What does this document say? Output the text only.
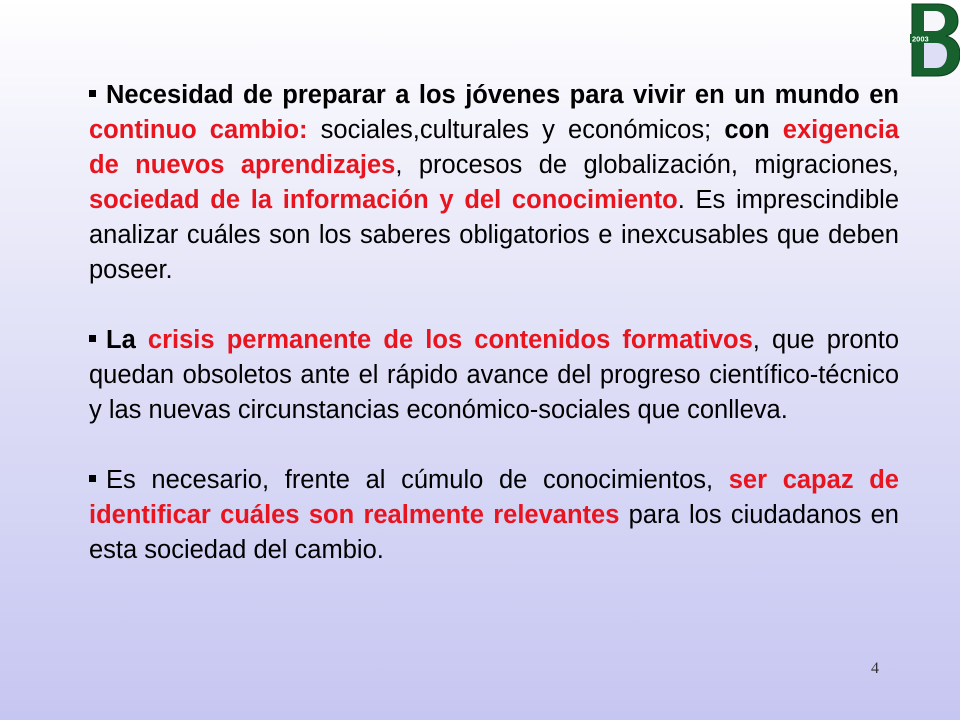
2003

Necesidad de preparar a los jóvenes para vivir en un mundo en continuo cambio: sociales,culturales y económicos; con exigencia de nuevos aprendizajes, procesos de globalización, migraciones, sociedad de la información y del conocimiento. Es imprescindible analizar cuáles son los saberes obligatorios e inexcusables que deben poseer.

La crisis permanente de los contenidos formativos, que pronto quedan obsoletos ante el rápido avance del progreso científico-técnico y las nuevas circunstancias económico-sociales que conlleva.

Es necesario, frente al cúmulo de conocimientos, ser capaz de identificar cuáles son realmente relevantes para los ciudadanos en esta sociedad del cambio.

4
